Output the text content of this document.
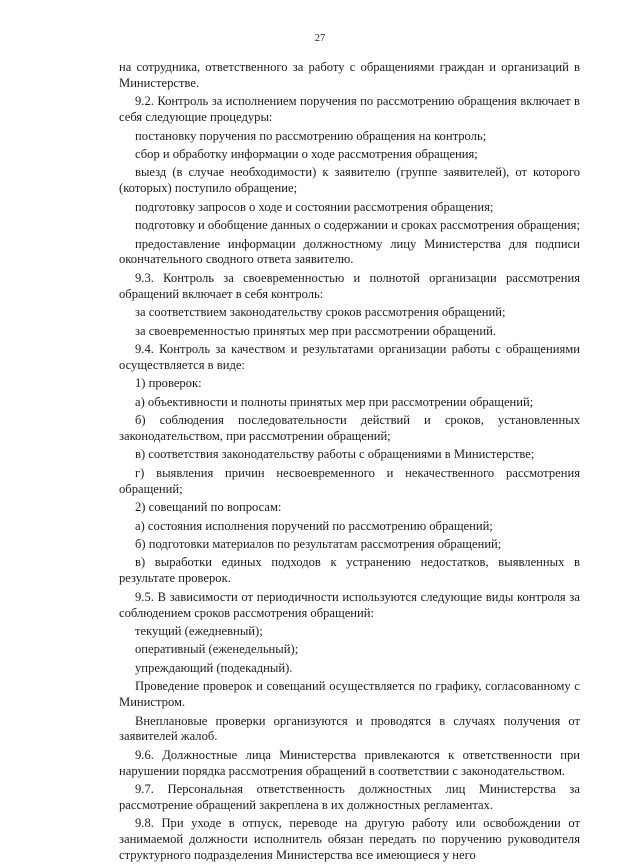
27

на сотрудника, ответственного за работу с обращениями граждан и организаций в Министерстве.

9.2. Контроль за исполнением поручения по рассмотрению обращения включает в себя следующие процедуры:

постановку поручения по рассмотрению обращения на контроль;

сбор и обработку информации о ходе рассмотрения обращения;

выезд (в случае необходимости) к заявителю (группе заявителей), от которого (которых) поступило обращение;

подготовку запросов о ходе и состоянии рассмотрения обращения;

подготовку и обобщение данных о содержании и сроках рассмотрения обращения;

предоставление информации должностному лицу Министерства для подписи окончательного сводного ответа заявителю.

9.3. Контроль за своевременностью и полнотой организации рассмотрения обращений включает в себя контроль:

за соответствием законодательству сроков рассмотрения обращений;

за своевременностью принятых мер при рассмотрении обращений.

9.4. Контроль за качеством и результатами организации работы с обращениями осуществляется в виде:

1) проверок:

а) объективности и полноты принятых мер при рассмотрении обращений;

б) соблюдения последовательности действий и сроков, установленных законодательством, при рассмотрении обращений;

в) соответствия законодательству работы с обращениями в Министерстве;

г) выявления причин несвоевременного и некачественного рассмотрения обращений;

2) совещаний по вопросам:

а) состояния исполнения поручений по рассмотрению обращений;

б) подготовки материалов по результатам рассмотрения обращений;

в) выработки единых подходов к устранению недостатков, выявленных в результате проверок.

9.5. В зависимости от периодичности используются следующие виды контроля за соблюдением сроков рассмотрения обращений:

текущий (ежедневный);

оперативный (еженедельный);

упреждающий (подекадный).

Проведение проверок и совещаний осуществляется по графику, согласованному с Министром.

Внеплановые проверки организуются и проводятся в случаях получения от заявителей жалоб.

9.6. Должностные лица Министерства привлекаются к ответственности при нарушении порядка рассмотрения обращений в соответствии с законодательством.

9.7. Персональная ответственность должностных лиц Министерства за рассмотрение обращений закреплена в их должностных регламентах.

9.8. При уходе в отпуск, переводе на другую работу или освобождении от занимаемой должности исполнитель обязан передать по поручению руководителя структурного подразделения Министерства все имеющиеся у него
